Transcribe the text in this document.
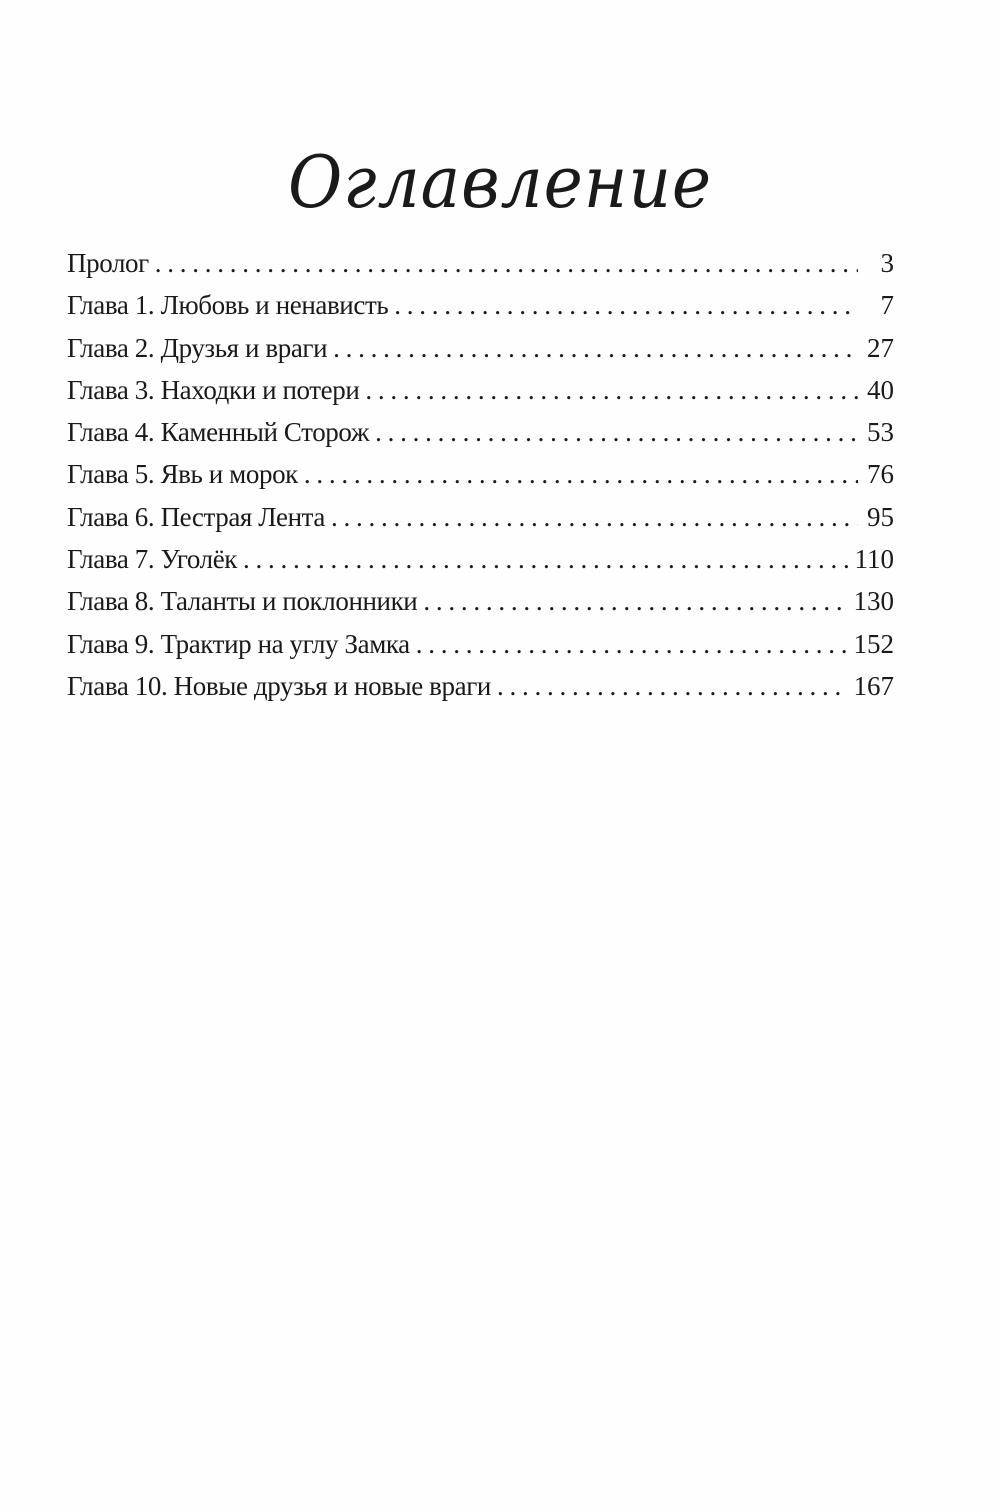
Оглавление
Пролог . . .	3
Глава 1. Любовь и ненависть . . .	7
Глава 2. Друзья и враги . . .	27
Глава 3. Находки и потери . . .	40
Глава 4. Каменный Сторож . . .	53
Глава 5. Явь и морок . . .	76
Глава 6. Пестрая Лента . . .	95
Глава 7. Уголёк . . .	110
Глава 8. Таланты и поклонники . . .	130
Глава 9. Трактир на углу Замка . . .	152
Глава 10. Новые друзья и новые враги . . .	167
